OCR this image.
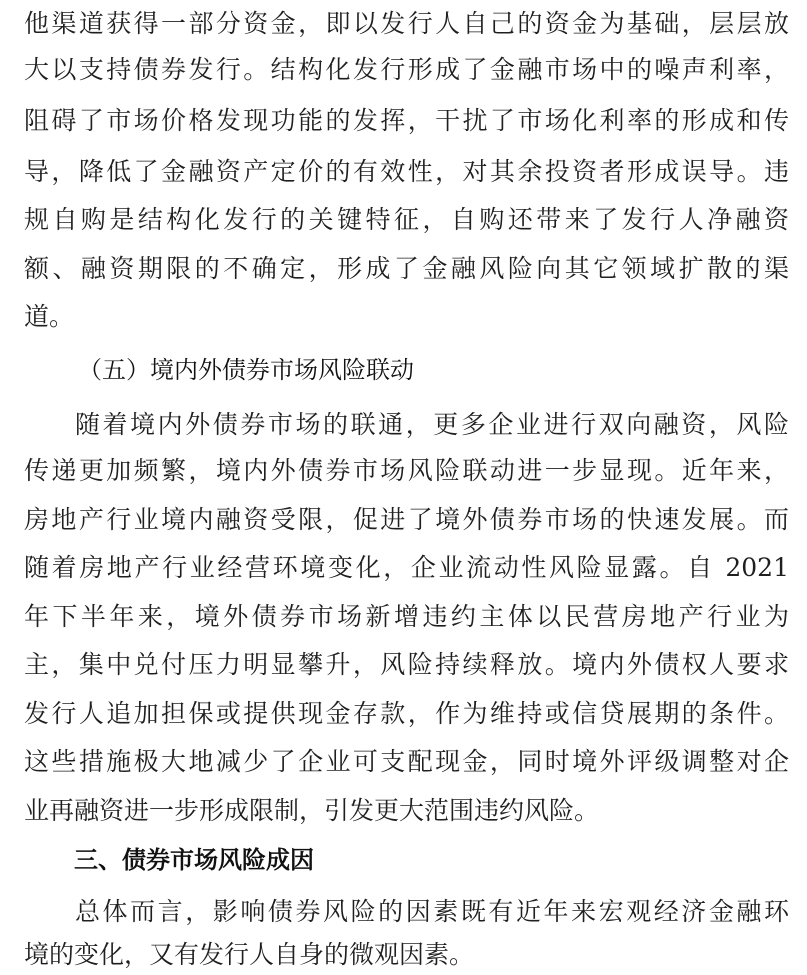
他渠道获得一部分资金，即以发行人自己的资金为基础，层层放
大以支持债券发行。结构化发行形成了金融市场中的噪声利率，
阻碍了市场价格发现功能的发挥，干扰了市场化利率的形成和传
导，降低了金融资产定价的有效性，对其余投资者形成误导。违
规自购是结构化发行的关键特征，自购还带来了发行人净融资
额、融资期限的不确定，形成了金融风险向其它领域扩散的渠
道。
（五）境内外债券市场风险联动
随着境内外债券市场的联通，更多企业进行双向融资，风险
传递更加频繁，境内外债券市场风险联动进一步显现。近年来，
房地产行业境内融资受限，促进了境外债券市场的快速发展。而
随着房地产行业经营环境变化，企业流动性风险显露。自 2021
年下半年来，境外债券市场新增违约主体以民营房地产行业为
主，集中兑付压力明显攀升，风险持续释放。境内外债权人要求
发行人追加担保或提供现金存款，作为维持或信贷展期的条件。
这些措施极大地减少了企业可支配现金，同时境外评级调整对企
业再融资进一步形成限制，引发更大范围违约风险。
三、债券市场风险成因
总体而言，影响债券风险的因素既有近年来宏观经济金融环
境的变化，又有发行人自身的微观因素。
